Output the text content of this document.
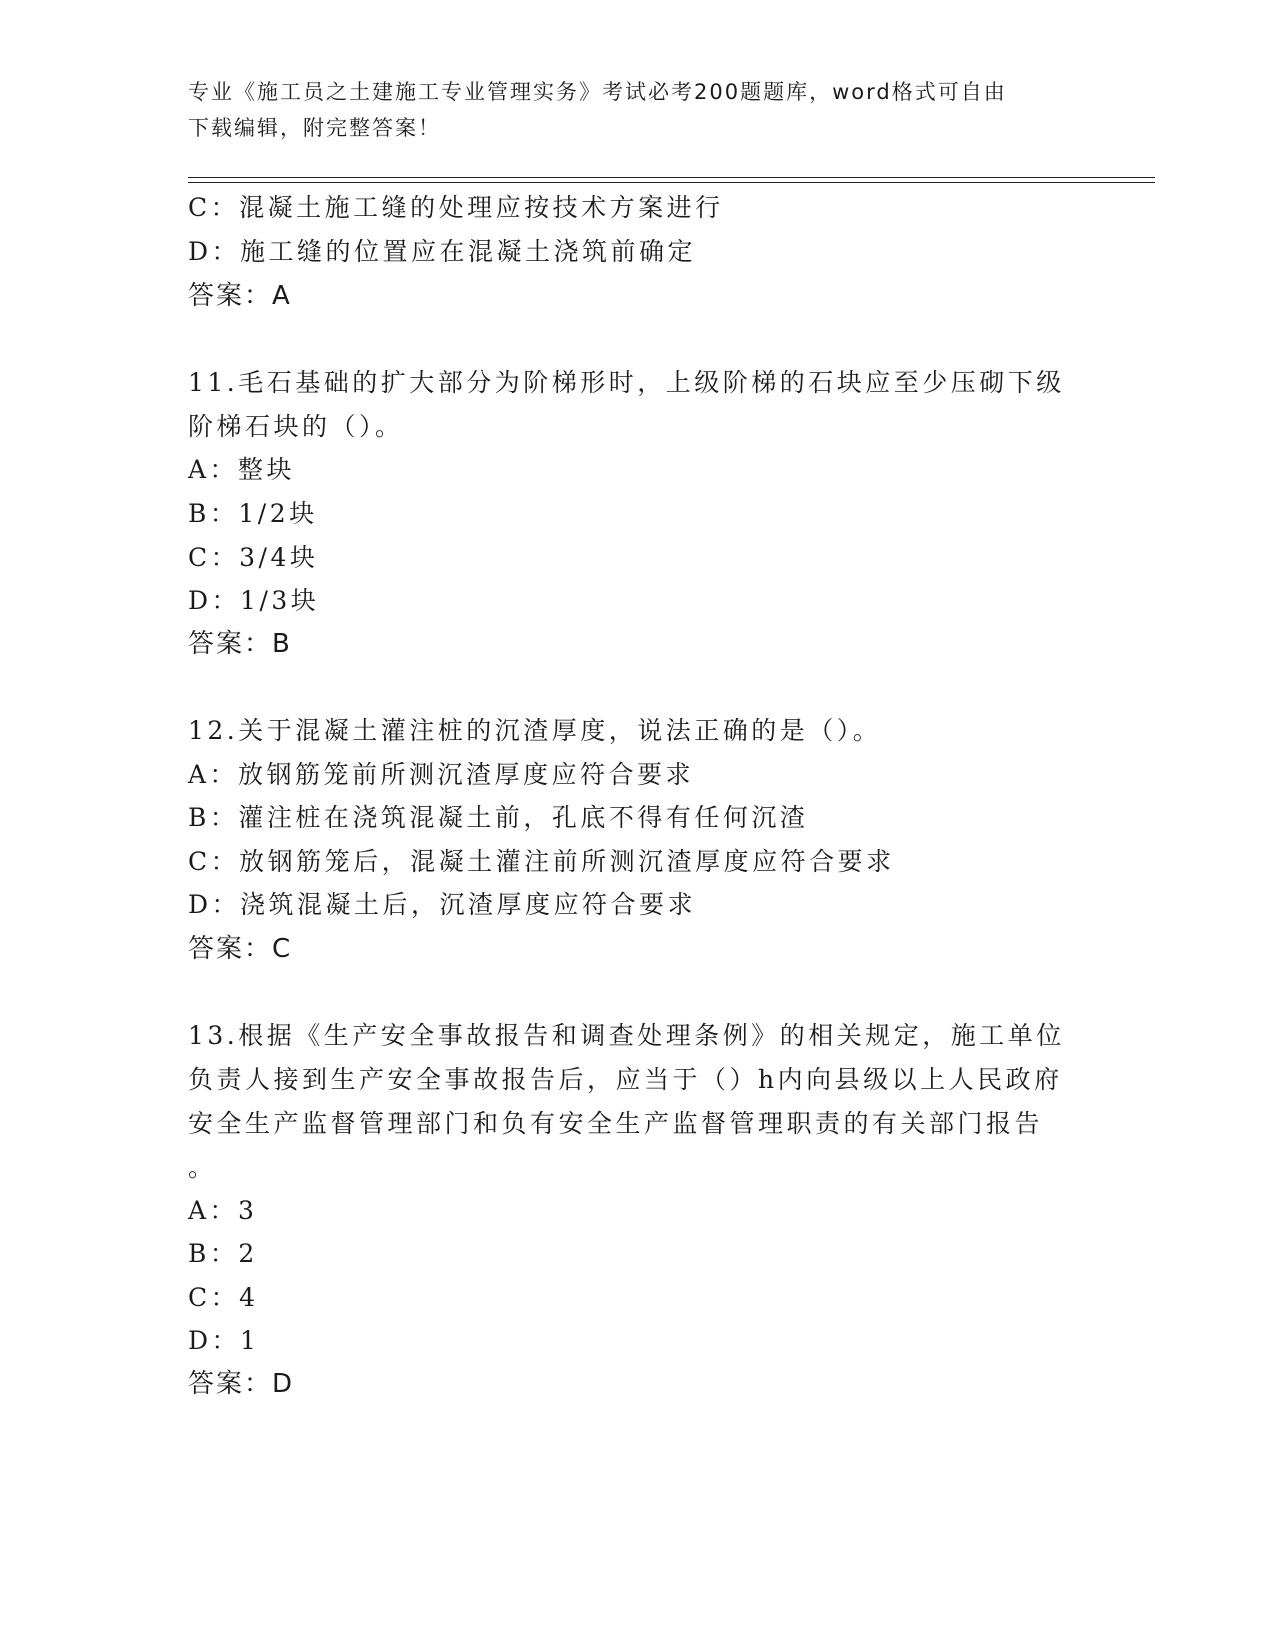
专业《施工员之土建施工专业管理实务》考试必考200题题库，word格式可自由
下载编辑，附完整答案！
C：混凝土施工缝的处理应按技术方案进行
D：施工缝的位置应在混凝土浇筑前确定
答案：A
11.毛石基础的扩大部分为阶梯形时，上级阶梯的石块应至少压砌下级
阶梯石块的（）。
A：整块
B：1/2块
C：3/4块
D：1/3块
答案：B
12.关于混凝土灌注桩的沉渣厚度，说法正确的是（）。
A：放钢筋笼前所测沉渣厚度应符合要求
B：灌注桩在浇筑混凝土前，孔底不得有任何沉渣
C：放钢筋笼后，混凝土灌注前所测沉渣厚度应符合要求
D：浇筑混凝土后，沉渣厚度应符合要求
答案：C
13.根据《生产安全事故报告和调查处理条例》的相关规定，施工单位
负责人接到生产安全事故报告后，应当于（）h内向县级以上人民政府
安全生产监督管理部门和负有安全生产监督管理职责的有关部门报告
。
A：3
B：2
C：4
D：1
答案：D
